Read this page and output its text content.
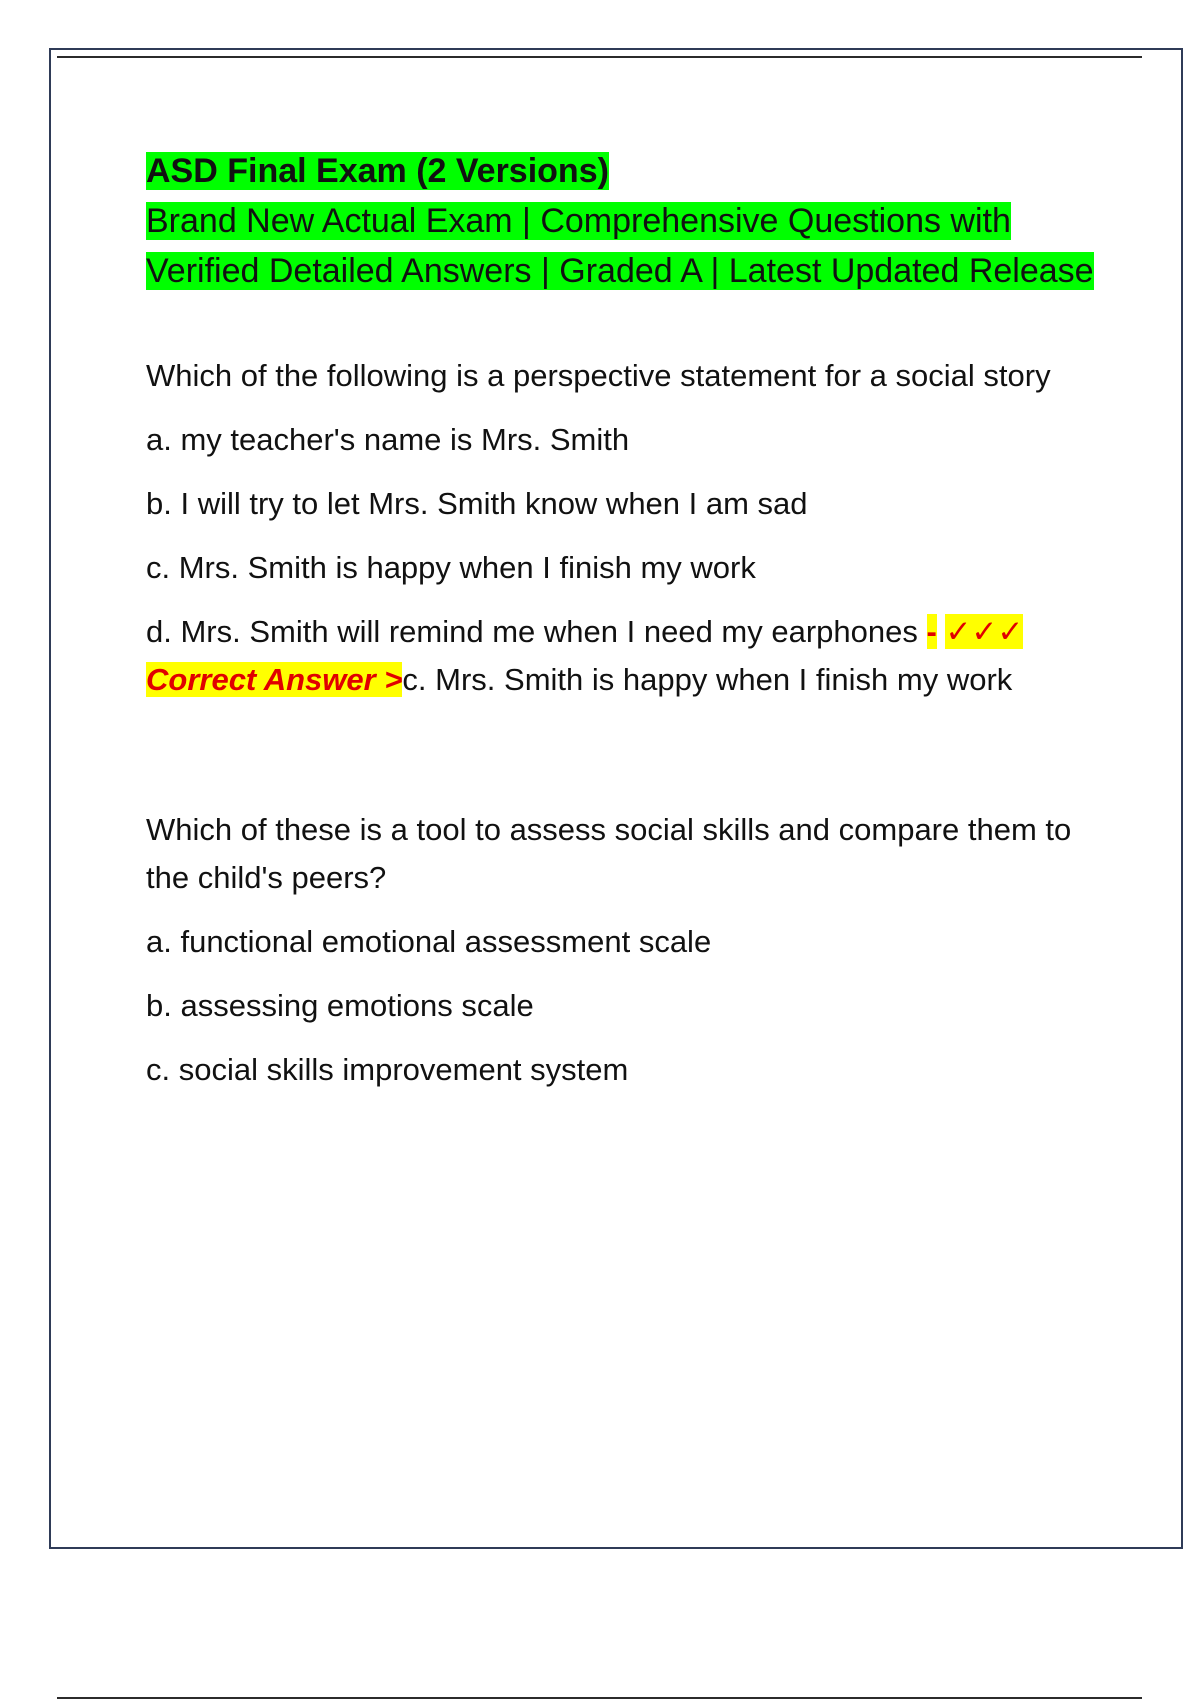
ASD Final Exam (2 Versions)
Brand New Actual Exam | Comprehensive Questions with Verified Detailed Answers | Graded A | Latest Updated Release

Which of the following is a perspective statement for a social story

a. my teacher's name is Mrs. Smith

b. I will try to let Mrs. Smith know when I am sad

c. Mrs. Smith is happy when I finish my work

d. Mrs. Smith will remind me when I need my earphones - ✓✓✓ Correct Answer >c. Mrs. Smith is happy when I finish my work

Which of these is a tool to assess social skills and compare them to the child's peers?

a. functional emotional assessment scale

b. assessing emotions scale

c. social skills improvement system
